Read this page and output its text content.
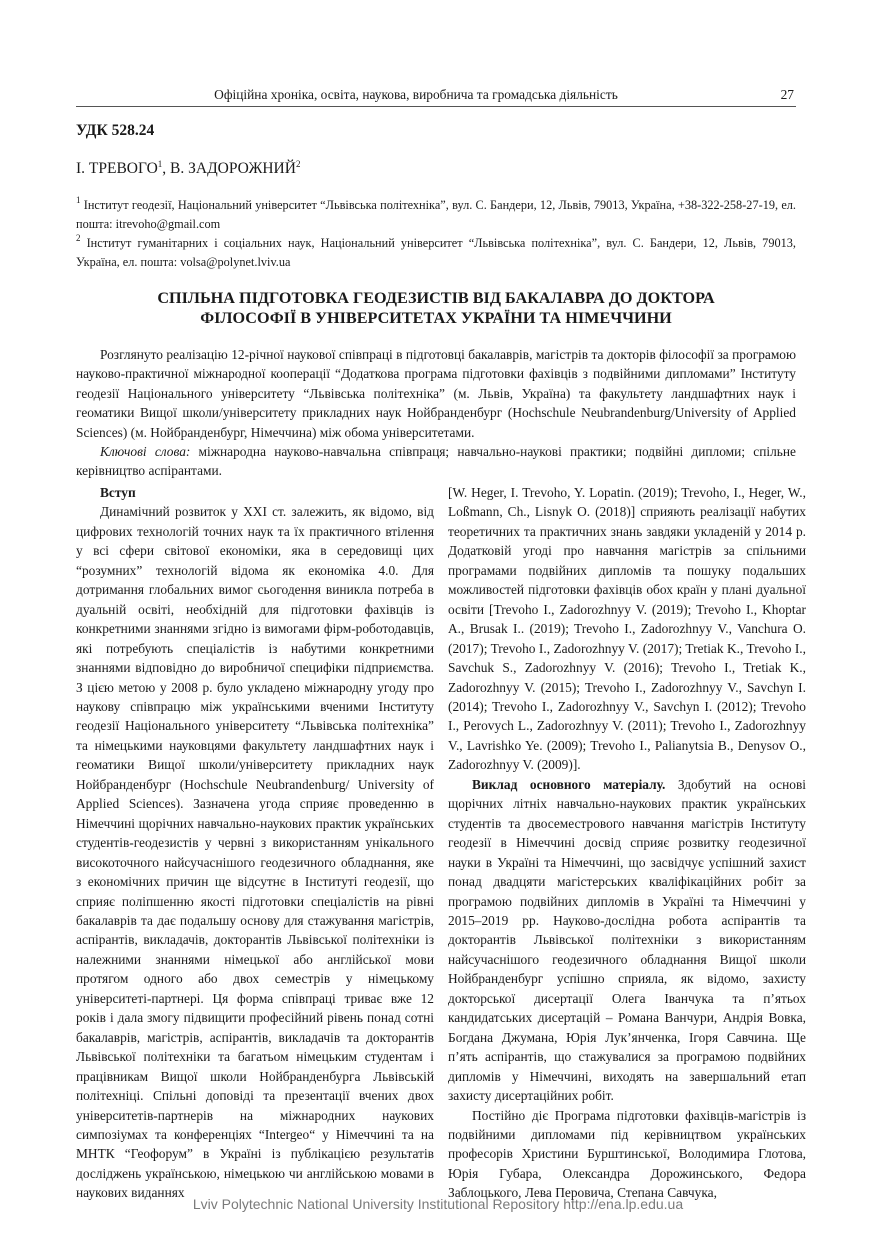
Офіційна хроніка, освіта, наукова, виробнича та громадська діяльність	27
УДК 528.24
І. ТРЕВОГО$^1$, В. ЗАДОРОЖНИЙ$^2$
$^1$ Інститут геодезії, Національний університет “Львівська політехніка”, вул. С. Бандери, 12, Львів, 79013, Україна, +38-322-258-27-19, ел. пошта: itrevoho@gmail.com
$^2$ Інститут гуманітарних і соціальних наук, Національний університет “Львівська політехніка”, вул. С. Бандери, 12, Львів, 79013, Україна, ел. пошта: volsa@polynet.lviv.ua
СПІЛЬНА ПІДГОТОВКА ГЕОДЕЗИСТІВ ВІД БАКАЛАВРА ДО ДОКТОРА
ФІЛОСОФІЇ В УНІВЕРСИТЕТАХ УКРАЇНИ ТА НІМЕЧЧИНИ

Розглянуто реалізацію 12-річної наукової співпраці в підготовці бакалаврів, магістрів та докторів філософії за програмою науково-практичної міжнародної кооперації “Додаткова програма підготовки фахівців з подвійними дипломами” Інституту геодезії Національного університету “Львівська політехніка” (м. Львів, Україна) та факультету ландшафтних наук і геоматики Вищої школи/університету прикладних наук Нойбранденбург (Hochschule Neubrandenburg/University of Applied Sciences) (м. Нойбранденбург, Німеччина) між обома університетами.

Ключові слова: міжнародна науково-навчальна співпраця; навчально-наукові практики; подвійні дипломи; спільне керівництво аспірантами.

Вступ

Динамічний розвиток у XXI ст. залежить, як відомо, від цифрових технологій точних наук та їх практичного втілення у всі сфери світової економіки, яка в середовищі цих “розумних” технологій відома як економіка 4.0. Для дотримання глобальних вимог сьогодення виникла потреба в дуальній освіті, необхідній для підготовки фахівців із конкретними знаннями згідно із вимогами фірм-роботодавців, які потребують спеціалістів із набутими конкретними знаннями відповідно до виробничої специфіки підприємства. З цією метою у 2008 р. було укладено міжнародну угоду про наукову співпрацю між українськими вченими Інституту геодезії Національного університету “Львівська політехніка” та німецькими науковцями факультету ландшафтних наук і геоматики Вищої школи/університету прикладних наук Нойбранденбург (Hochschule Neubrandenburg/ University of Applied Sciences). Зазначена угода сприяє проведенню в Німеччині щорічних навчально-наукових практик українських студентів-геодезистів у червні з використанням унікального високоточного найсучаснішого геодезичного обладнання, яке з економічних причин ще відсутнє в Інституті геодезії, що сприяє поліпшенню якості підготовки спеціалістів на рівні бакалаврів та дає подальшу основу для стажування магістрів, аспірантів, викладачів, докторантів Львівської політехніки із належними знаннями німецької або англійської мови протягом одного або двох семестрів у німецькому університеті-партнері. Ця форма співпраці триває вже 12 років і дала змогу підвищити професійний рівень понад сотні бакалаврів, магістрів, аспірантів, викладачів та докторантів Львівської політехніки та багатьом німецьким студентам і працівникам Вищої школи Нойбранденбурга Львівській політехніці. Спільні доповіді та презентації вчених двох університетів-партнерів на міжнародних наукових симпозіумах та конференціях “Intergeo“ у Німеччині та на МНТК “Геофорум” в Україні із публікацією результатів досліджень українською, німецькою чи англійською мовами в наукових виданнях

[W. Heger, I. Trevoho, Y. Lopatin. (2019); Trevoho, I., Heger, W., Loßmann, Ch., Lisnyk O. (2018)] сприяють реалізації набутих теоретичних та практичних знань завдяки укладеній у 2014 р. Додатковій угоді про навчання магістрів за спільними програмами подвійних дипломів та пошуку подальших можливостей підготовки фахівців обох країн у плані дуальної освіти [Trevoho I., Zadorozhnyy V. (2019); Trevoho I., Khoptar A., Brusak I.. (2019); Trevoho I., Zadorozhnyy V., Vanchura O. (2017); Trevoho I., Zadorozhnyy V. (2017); Tretiak K., Trevoho I., Savchuk S., Zadorozhnyy V. (2016); Trevoho I., Tretiak K., Zadorozhnyy V. (2015); Trevoho I., Zadorozhnyy V., Savchyn I. (2014); Trevoho I., Zadorozhnyy V., Savchyn I. (2012); Trevoho I., Perovych L., Zadorozhnyy V. (2011); Trevoho I., Zadorozhnyy V., Lavrishko Ye. (2009); Trevoho I., Palianytsia B., Denysov O., Zadorozhnyy V. (2009)].

Виклад основного матеріалу. Здобутий на основі щорічних літніх навчально-наукових практик українських студентів та двосеместрового навчання магістрів Інституту геодезії в Німеччині досвід сприяє розвитку геодезичної науки в Україні та Німеччині, що засвідчує успішний захист понад двадцяти магістерських кваліфікаційних робіт за програмою подвійних дипломів в Україні та Німеччині у 2015–2019 рр. Науково-дослідна робота аспірантів та докторантів Львівської політехніки з використанням найсучаснішого геодезичного обладнання Вищої школи Нойбранденбург успішно сприяла, як відомо, захисту докторської дисертації Олега Іванчука та п’ятьох кандидатських дисертацій – Романа Ванчури, Андрія Вовка, Богдана Джумана, Юрія Лук’янченка, Ігоря Савчина. Ще п’ять аспірантів, що стажувалися за програмою подвійних дипломів у Німеччині, виходять на завершальний етап захисту дисертаційних робіт.

Постійно діє Програма підготовки фахівців-магістрів із подвійними дипломами під керівництвом українських професорів Христини Бурштинської, Володимира Глотова, Юрія Губара, Олександра Дорожинського, Федора Заблоцького, Лева Перовича, Степана Савчука,

Lviv Polytechnic National University Institutional Repository http://ena.lp.edu.ua
